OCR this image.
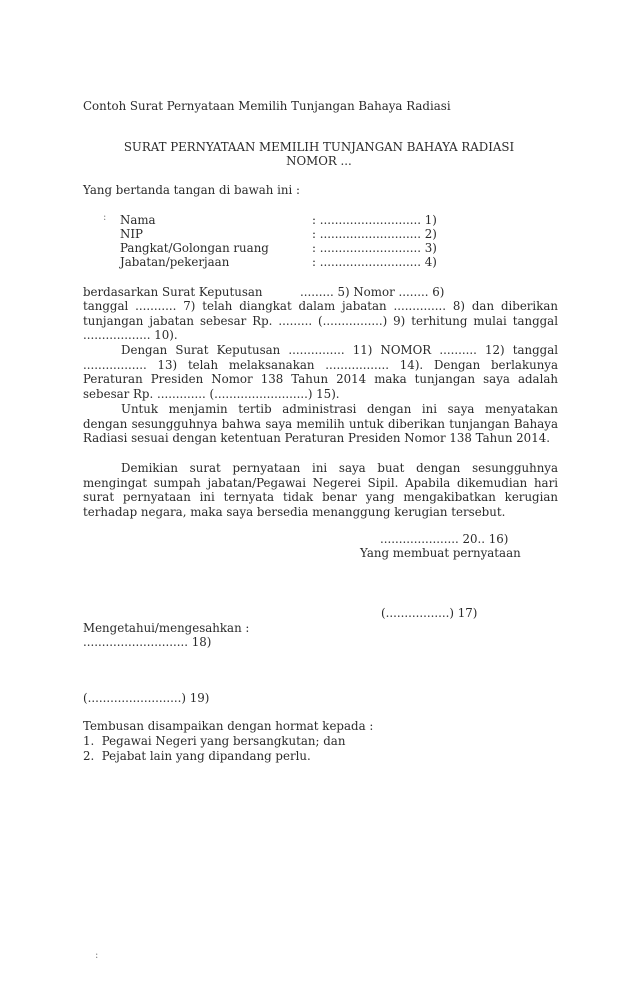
Contoh Surat Pernyataan Memilih Tunjangan Bahaya Radiasi
SURAT PERNYATAAN MEMILIH TUNJANGAN BAHAYA RADIASI
NOMOR ...
Yang bertanda tangan di bawah ini :
: Nama	: ........................... 1)
NIP	: ........................... 2)
Pangkat/Golongan ruang	: ........................... 3)
Jabatan/pekerjaan	: ........................... 4)
berdasarkan Surat Keputusan          ......... 5) Nomor ........ 6)
tanggal ........... 7) telah diangkat dalam jabatan .............. 8) dan diberikan tunjangan jabatan sebesar Rp. ......... (................) 9) terhitung mulai tanggal .................. 10).
Dengan Surat Keputusan ............... 11) NOMOR .......... 12) tanggal ................. 13) telah melaksanakan ................. 14). Dengan berlakunya Peraturan Presiden Nomor 138 Tahun 2014 maka tunjangan saya adalah sebesar Rp. ............. (.........................) 15).
Untuk menjamin tertib administrasi dengan ini saya menyatakan dengan sesungguhnya bahwa saya memilih untuk diberikan tunjangan Bahaya Radiasi sesuai dengan ketentuan Peraturan Presiden Nomor 138 Tahun 2014.
Demikian surat pernyataan ini saya buat dengan sesungguhnya mengingat sumpah jabatan/Pegawai Negerei Sipil. Apabila dikemudian hari surat pernyataan ini ternyata tidak benar yang mengakibatkan kerugian terhadap negara, maka saya bersedia menanggung kerugian tersebut.
..................... 20.. 16)
Yang membuat pernyataan
(.................) 17)
Mengetahui/mengesahkan :
............................ 18)
(.........................) 19)
Tembusan disampaikan dengan hormat kepada :
1.  Pegawai Negeri yang bersangkutan; dan
2.  Pejabat lain yang dipandang perlu.
:
